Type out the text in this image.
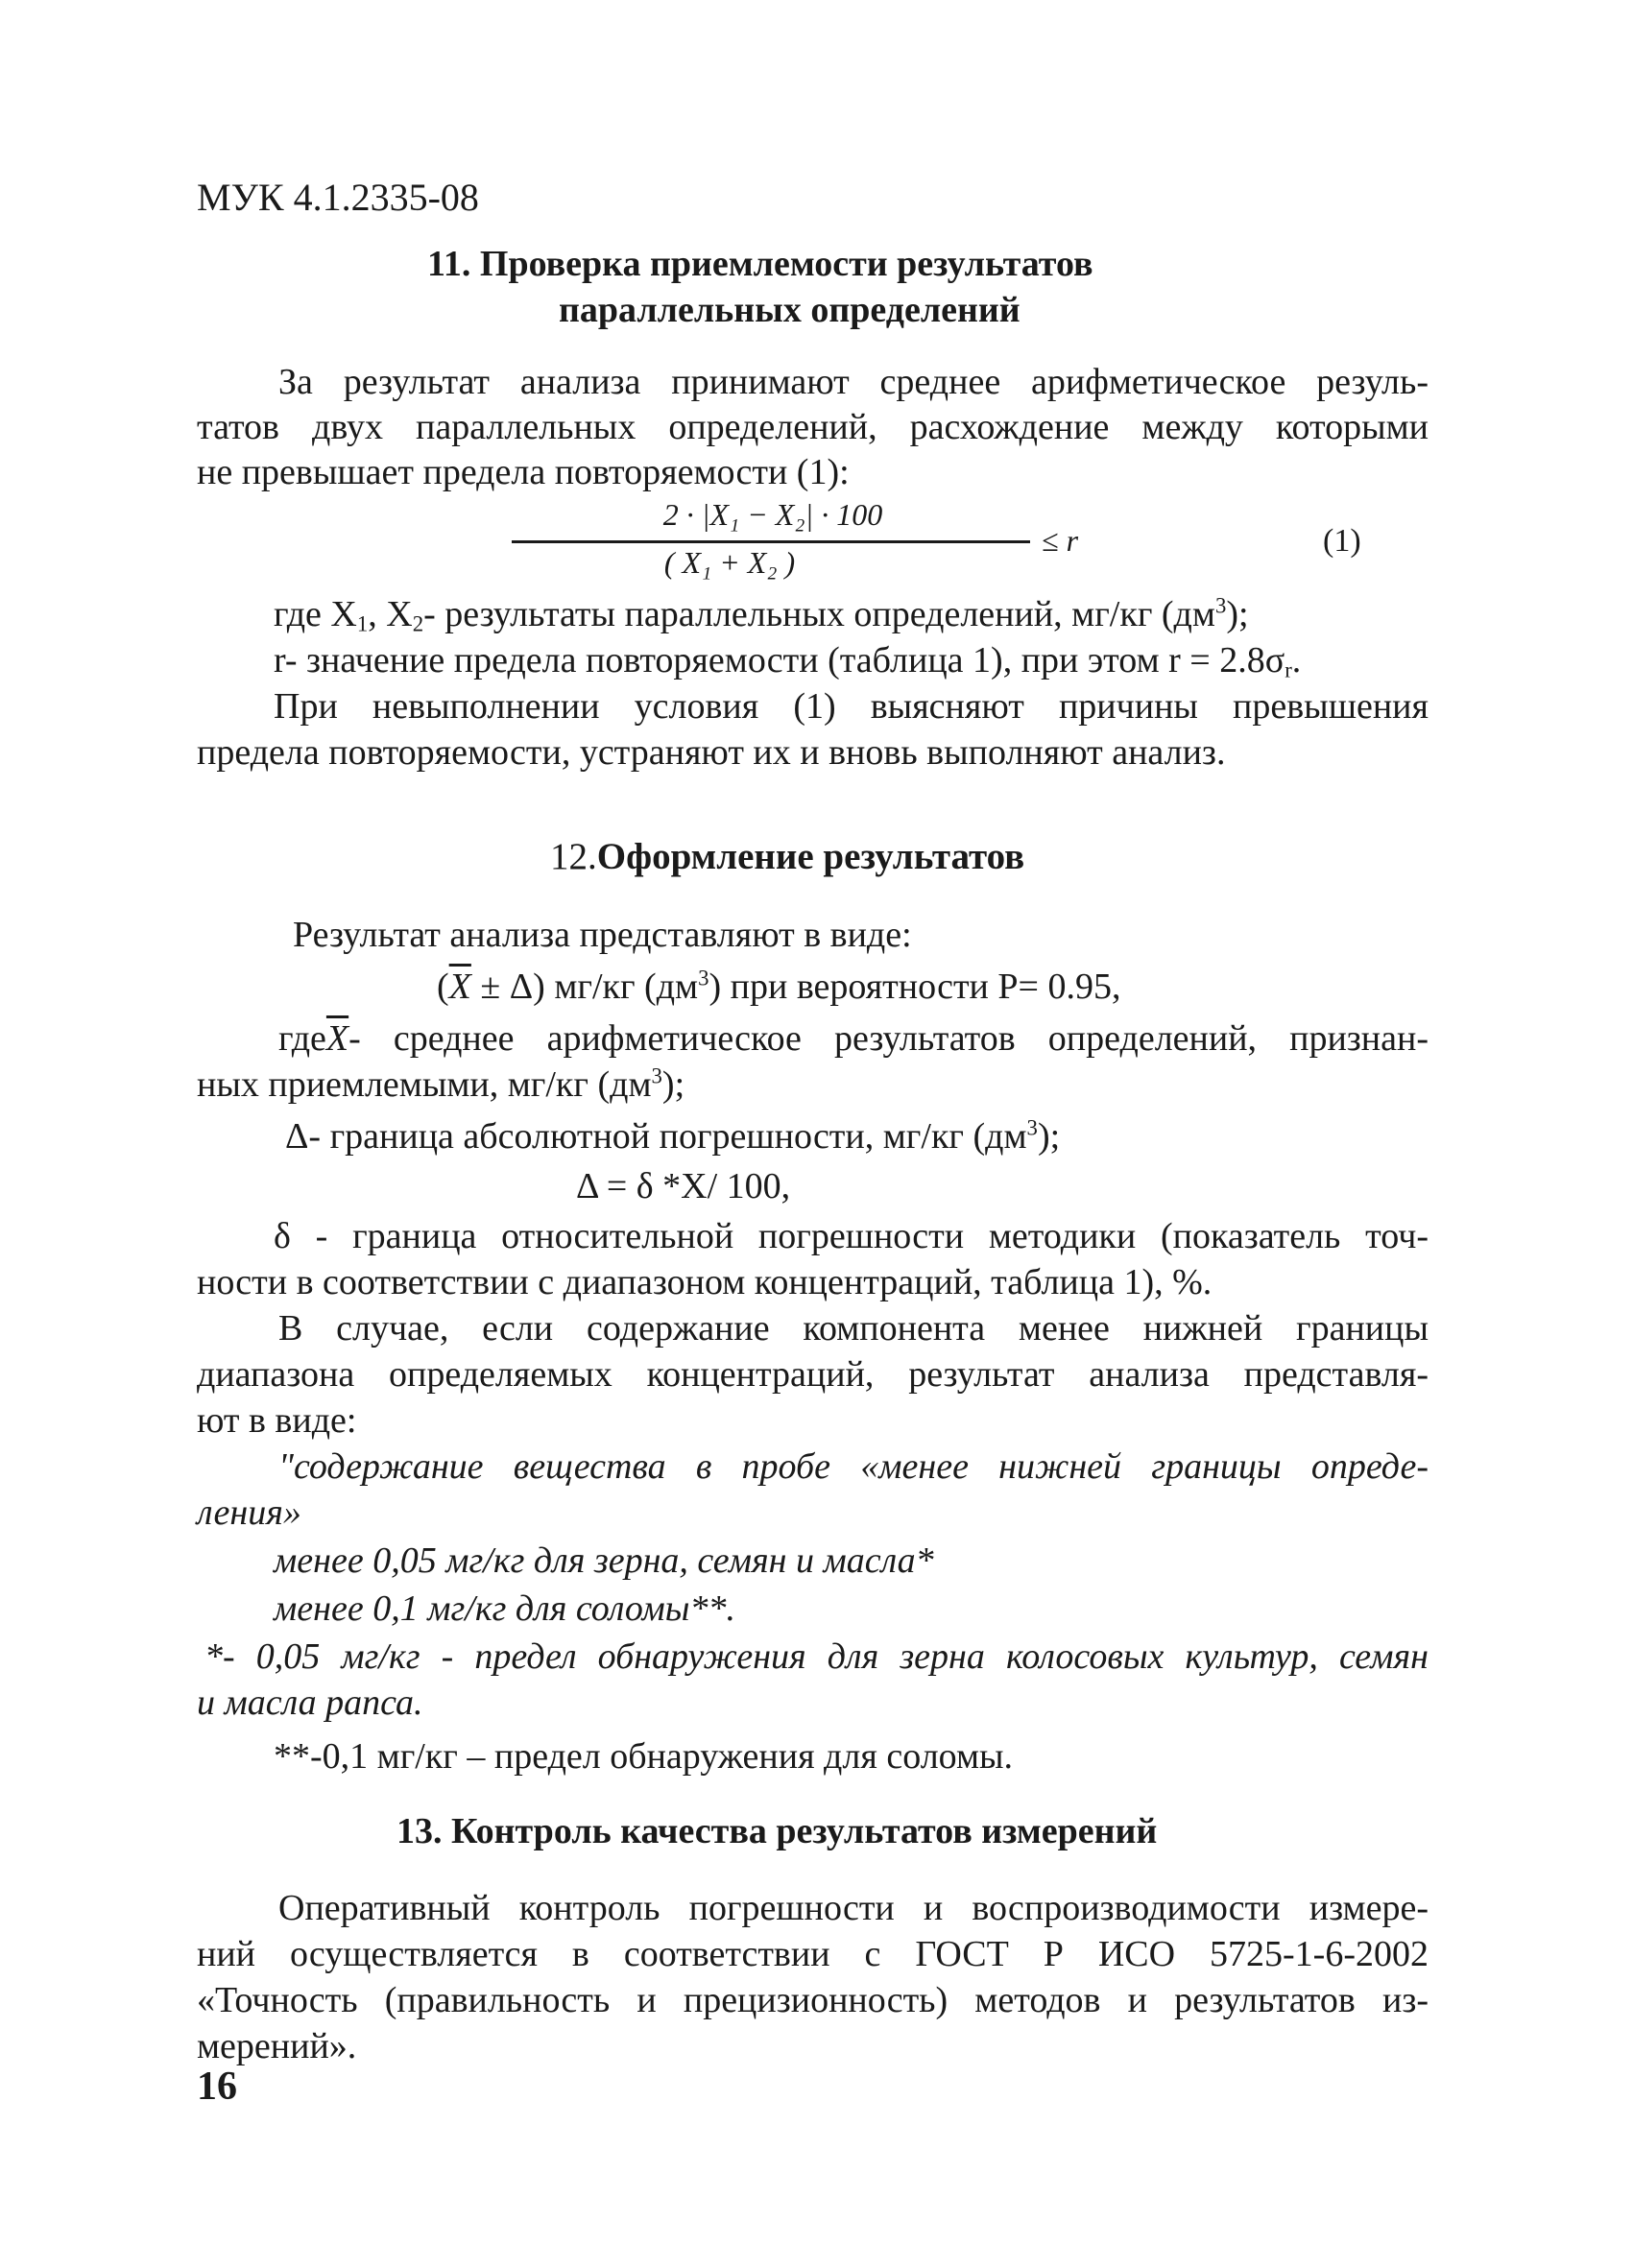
МУК 4.1.2335-08
11. Проверка приемлемости результатов
параллельных определений
За результат анализа принимают среднее арифметическое резуль-
татов двух параллельных определений, расхождение между которыми
не превышает предела повторяемости (1):
2 · |X₁ − X₂| · 100
( X₁ + X₂ )
≤ r	(1)
где $X_1$, $X_2-$ результаты параллельных определений, мг/кг $(дм^3)$;
r- значение предела повторяемости (таблица 1), при этом $r = 2.8\sigma_r$.
При невыполнении условия (1) выясняют причины превышения
предела повторяемости, устраняют их и вновь выполняют анализ.
12.Оформление результатов
Результат анализа представляют в виде:
$(\overline{X} \pm \Delta)$ мг/кг $(дм^3)$ при вероятности Р= 0.95,
$где\overline{X}-$ среднее арифметическое результатов определений, признан-
ных приемлемыми, мг/кг $(дм^3)$;
Δ- граница абсолютной погрешности, мг/кг $(дм^3)$;
Δ = δ *X/ 100,
δ - граница относительной погрешности методики (показатель точ-
ности в соответствии с диапазоном концентраций, таблица 1), %.
В случае, если содержание компонента менее нижней границы
диапазона определяемых концентраций, результат анализа представля-
ют в виде:
"содержание вещества в пробе «менее нижней границы опреде-
ления»
менее 0,05 мг/кг для зерна, семян и масла*
менее 0,1 мг/кг для соломы**.
*- 0,05 мг/кг - предел обнаружения для зерна колосовых культур, семян
и масла рапса.
**-0,1 мг/кг – предел обнаружения для соломы.
13. Контроль качества результатов измерений
Оперативный контроль погрешности и воспроизводимости измере-
ний осуществляется в соответствии с ГОСТ Р ИСО 5725-1-6-2002
«Точность (правильность и прецизионность) методов и результатов из-
мерений».
16
